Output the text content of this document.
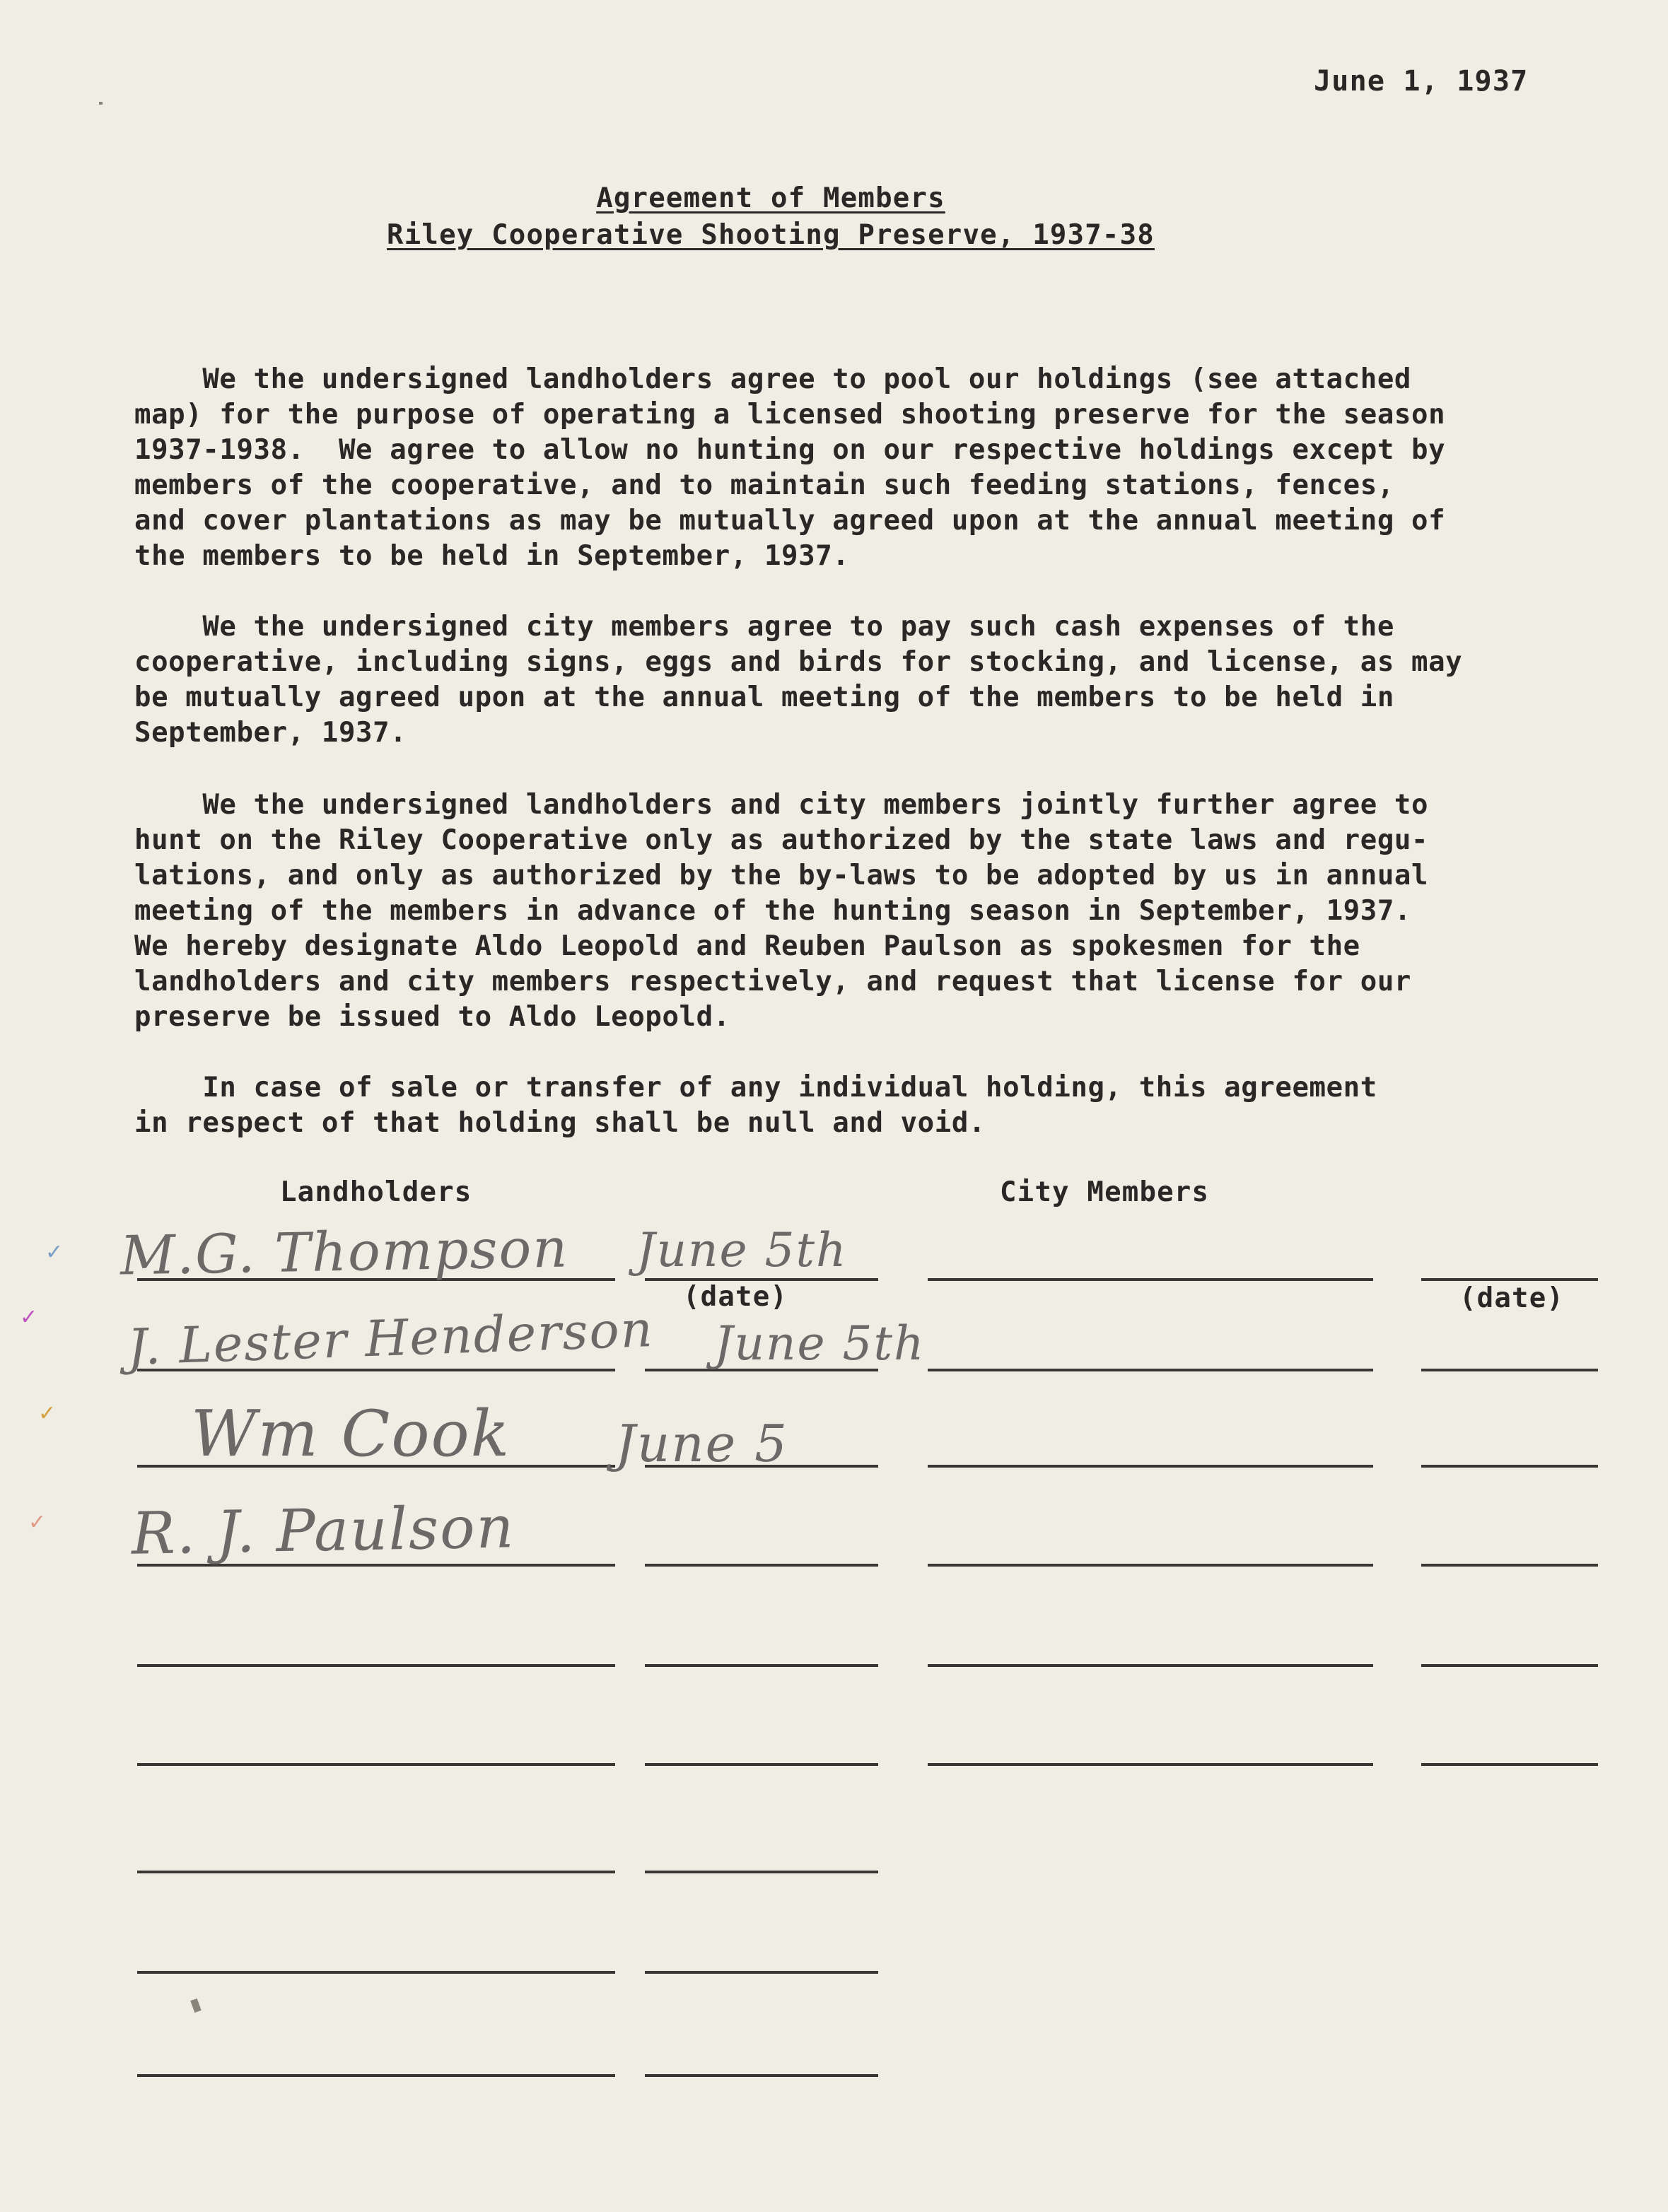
June 1, 1937
Agreement of Members
Riley Cooperative Shooting Preserve, 1937-38

We the undersigned landholders agree to pool our holdings (see attached
map) for the purpose of operating a licensed shooting preserve for the season
1937-1938.  We agree to allow no hunting on our respective holdings except by
members of the cooperative, and to maintain such feeding stations, fences,
and cover plantations as may be mutually agreed upon at the annual meeting of
the members to be held in September, 1937.

We the undersigned city members agree to pay such cash expenses of the
cooperative, including signs, eggs and birds for stocking, and license, as may
be mutually agreed upon at the annual meeting of the members to be held in
September, 1937.

We the undersigned landholders and city members jointly further agree to
hunt on the Riley Cooperative only as authorized by the state laws and regu-
lations, and only as authorized by the by-laws to be adopted by us in annual
meeting of the members in advance of the hunting season in September, 1937.
We hereby designate Aldo Leopold and Reuben Paulson as spokesmen for the
landholders and city members respectively, and request that license for our
preserve be issued to Aldo Leopold.

In case of sale or transfer of any individual holding, this agreement
in respect of that holding shall be null and void.

Landholders	City Members
(date)	(date)
M.G. Thompson June 5th
J. Lester Henderson June 5th
Wm Cook June 5
R. J. Paulson
✓
✓
✓
✓
